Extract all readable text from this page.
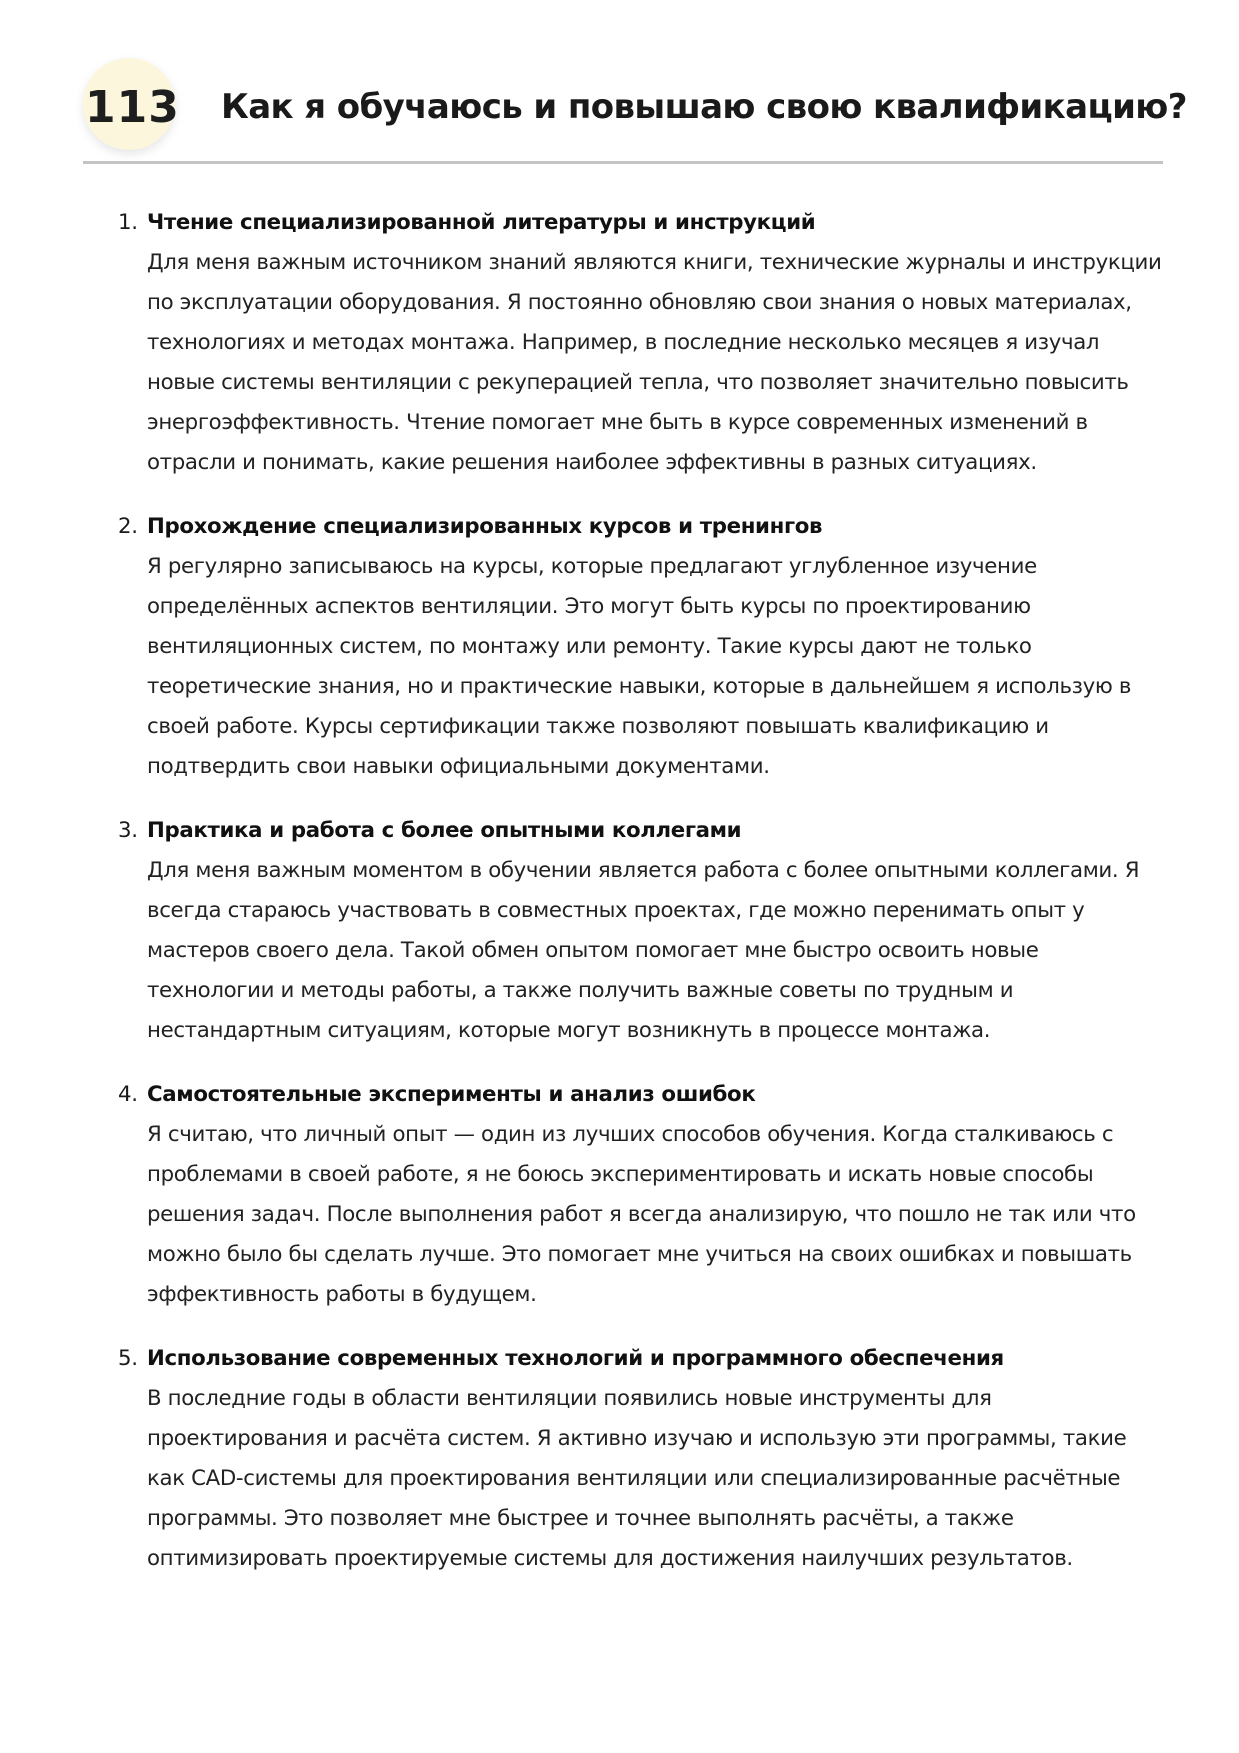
113 Как я обучаюсь и повышаю свою квалификацию?
1. Чтение специализированной литературы и инструкций
Для меня важным источником знаний являются книги, технические журналы и инструкции по эксплуатации оборудования. Я постоянно обновляю свои знания о новых материалах, технологиях и методах монтажа. Например, в последние несколько месяцев я изучал новые системы вентиляции с рекуперацией тепла, что позволяет значительно повысить энергоэффективность. Чтение помогает мне быть в курсе современных изменений в отрасли и понимать, какие решения наиболее эффективны в разных ситуациях.
2. Прохождение специализированных курсов и тренингов
Я регулярно записываюсь на курсы, которые предлагают углубленное изучение определённых аспектов вентиляции. Это могут быть курсы по проектированию вентиляционных систем, по монтажу или ремонту. Такие курсы дают не только теоретические знания, но и практические навыки, которые в дальнейшем я использую в своей работе. Курсы сертификации также позволяют повышать квалификацию и подтвердить свои навыки официальными документами.
3. Практика и работа с более опытными коллегами
Для меня важным моментом в обучении является работа с более опытными коллегами. Я всегда стараюсь участвовать в совместных проектах, где можно перенимать опыт у мастеров своего дела. Такой обмен опытом помогает мне быстро освоить новые технологии и методы работы, а также получить важные советы по трудным и нестандартным ситуациям, которые могут возникнуть в процессе монтажа.
4. Самостоятельные эксперименты и анализ ошибок
Я считаю, что личный опыт — один из лучших способов обучения. Когда сталкиваюсь с проблемами в своей работе, я не боюсь экспериментировать и искать новые способы решения задач. После выполнения работ я всегда анализирую, что пошло не так или что можно было бы сделать лучше. Это помогает мне учиться на своих ошибках и повышать эффективность работы в будущем.
5. Использование современных технологий и программного обеспечения
В последние годы в области вентиляции появились новые инструменты для проектирования и расчёта систем. Я активно изучаю и использую эти программы, такие как CAD-системы для проектирования вентиляции или специализированные расчётные программы. Это позволяет мне быстрее и точнее выполнять расчёты, а также оптимизировать проектируемые системы для достижения наилучших результатов.
